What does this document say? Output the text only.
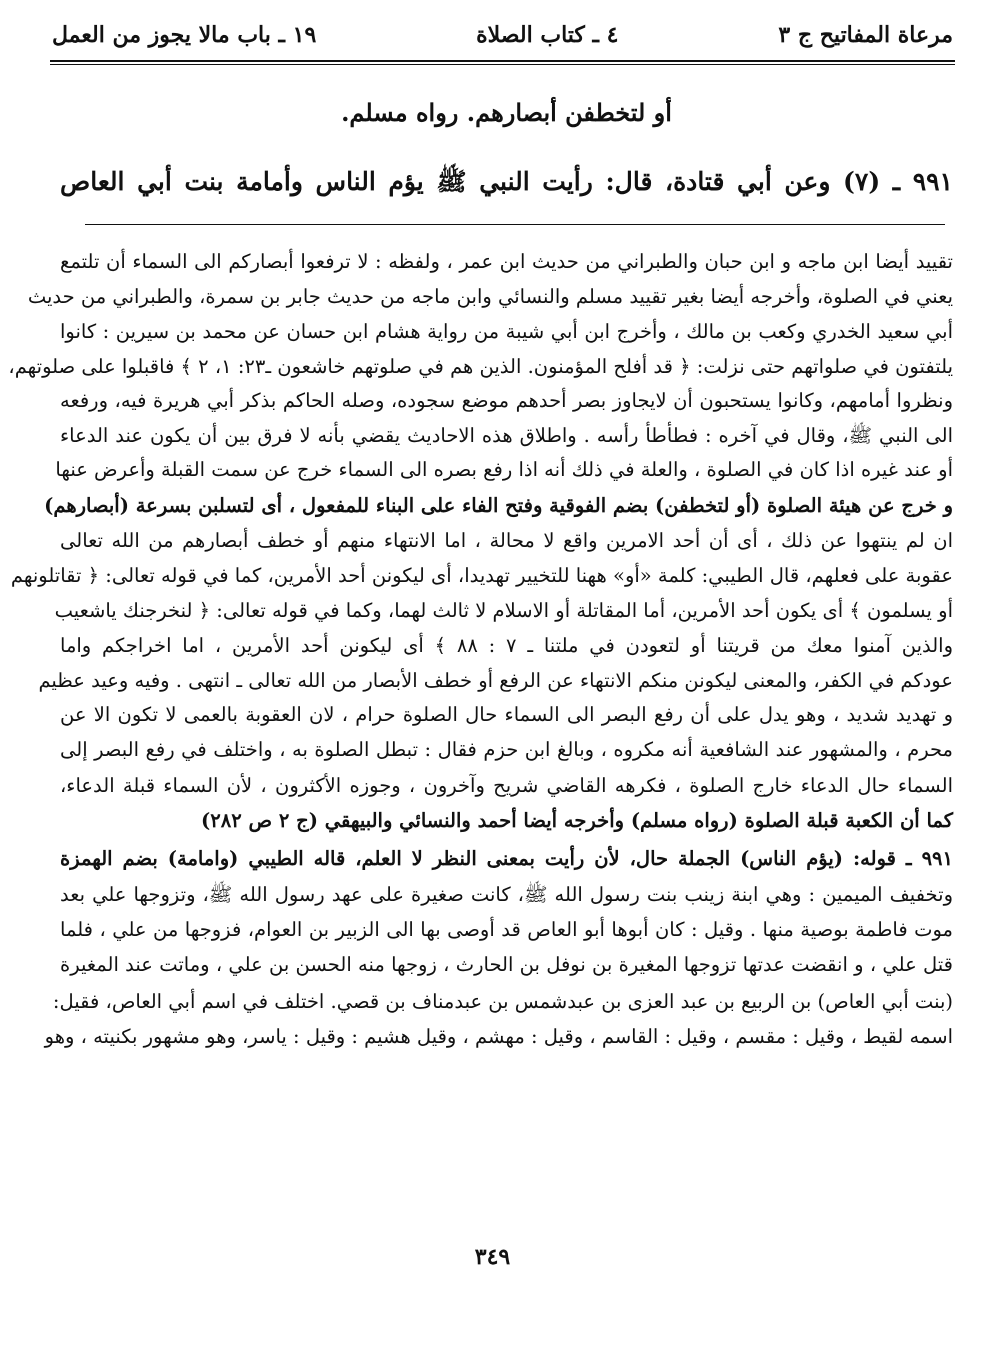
مرعاة المفاتيح ج ٣
٤ ـ كتاب الصلاة
١٩ ـ باب مالا يجوز من العمل
أو لتخطفن أبصارهم. رواه مسلم.
٩٩١ ـ (٧) وعن أبي قتادة، قال: رأيت النبي ﷺ يؤم الناس وأمامة بنت أبي العاص
تقييد أيضا ابن ماجه و ابن حبان والطبراني من حديث ابن عمر ، ولفظه : لا ترفعوا أبصاركم الى السماء أن تلتمع
يعني في الصلوة، وأخرجه أيضا بغير تقييد مسلم والنسائي وابن ماجه من حديث جابر بن سمرة، والطبراني من حديث
أبي سعيد الخدري وكعب بن مالك ، وأخرج ابن أبي شيبة من رواية هشام ابن حسان عن محمد بن سيرين : كانوا
يلتفتون في صلواتهم حتى نزلت: ﴿ قد أفلح المؤمنون. الذين هم في صلوتهم خاشعون ـ٢٣: ١، ٢ ﴾ فاقبلوا على صلوتهم،
ونظروا أمامهم، وكانوا يستحبون أن لايجاوز بصر أحدهم موضع سجوده، وصله الحاكم بذكر أبي هريرة فيه، ورفعه
الى النبي ﷺ، وقال في آخره : فطأطأ رأسه . واطلاق هذه الاحاديث يقضي بأنه لا فرق بين أن يكون عند الدعاء
أو عند غيره اذا كان في الصلوة ، والعلة في ذلك أنه اذا رفع بصره الى السماء خرج عن سمت القبلة وأعرض عنها
و خرج عن هيئة الصلوة (أو لتخطفن) بضم الفوقية وفتح الفاء على البناء للمفعول ، أى لتسلبن بسرعة (أبصارهم)
ان لم ينتهوا عن ذلك ، أى أن أحد الامرين واقع لا محالة ، اما الانتهاء منهم أو خطف أبصارهم من الله تعالى
عقوبة على فعلهم، قال الطيبي: كلمة «أو» ههنا للتخيير تهديدا، أى ليكونن أحد الأمرين، كما في قوله تعالى: ﴿ تقاتلونهم
أو يسلمون ﴾ أى يكون أحد الأمرين، أما المقاتلة أو الاسلام لا ثالث لهما، وكما في قوله تعالى: ﴿ لنخرجنك ياشعيب
والذين آمنوا معك من قريتنا أو لتعودن في ملتنا ـ ٧ : ٨٨ ﴾ أى ليكونن أحد الأمرين ، اما اخراجكم واما
عودكم في الكفر، والمعنى ليكونن منكم الانتهاء عن الرفع أو خطف الأبصار من الله تعالى ـ انتهى . وفيه وعيد عظيم
و تهديد شديد ، وهو يدل على أن رفع البصر الى السماء حال الصلوة حرام ، لان العقوبة بالعمى لا تكون الا عن
محرم ، والمشهور عند الشافعية أنه مكروه ، وبالغ ابن حزم فقال : تبطل الصلوة به ، واختلف في رفع البصر إلى
السماء حال الدعاء خارج الصلوة ، فكرهه القاضي شريح وآخرون ، وجوزه الأكثرون ، لأن السماء قبلة الدعاء،
كما أن الكعبة قبلة الصلوة (رواه مسلم) وأخرجه أيضا أحمد والنسائي والبيهقي (ج ٢ ص ٢٨٢)
٩٩١ ـ قوله: (يؤم الناس) الجملة حال، لأن رأيت بمعنى النظر لا العلم، قاله الطيبي (وامامة) بضم الهمزة
وتخفيف الميمين : وهي ابنة زينب بنت رسول الله ﷺ، كانت صغيرة على عهد رسول الله ﷺ، وتزوجها علي بعد
موت فاطمة بوصية منها . وقيل : كان أبوها أبو العاص قد أوصى بها الى الزبير بن العوام، فزوجها من علي ، فلما
قتل علي ، و انقضت عدتها تزوجها المغيرة بن نوفل بن الحارث ، زوجها منه الحسن بن علي ، وماتت عند المغيرة
(بنت أبي العاص) بن الربيع بن عبد العزى بن عبدشمس بن عبدمناف بن قصي. اختلف في اسم أبي العاص، فقيل:
اسمه لقيط ، وقيل : مقسم ، وقيل : القاسم ، وقيل : مهشم ، وقيل هشيم : وقيل : ياسر، وهو مشهور بكنيته ، وهو
٣٤٩
